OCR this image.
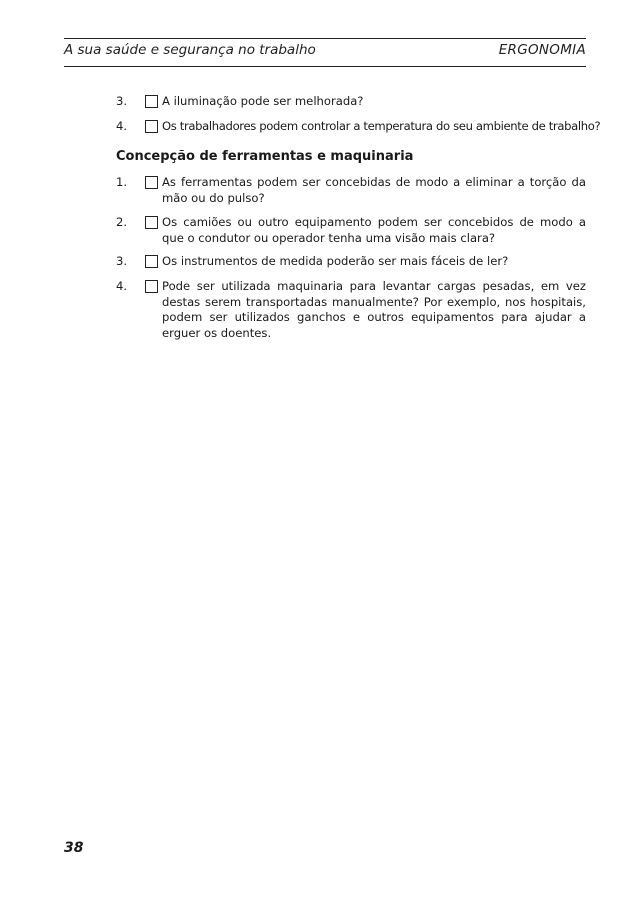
A sua saúde e segurança no trabalho	ERGONOMIA
3.	A iluminação pode ser melhorada?
4.	Os trabalhadores podem controlar a temperatura do seu ambiente de trabalho?
Concepção de ferramentas e maquinaria
1.	As ferramentas podem ser concebidas de modo a eliminar a torção da mão ou do pulso?
2.	Os camiões ou outro equipamento podem ser concebidos de modo a que o condutor ou operador tenha uma visão mais clara?
3.	Os instrumentos de medida poderão ser mais fáceis de ler?
4.	Pode ser utilizada maquinaria para levantar cargas pesadas, em vez destas serem transportadas manualmente? Por exemplo, nos hospitais, podem ser utilizados ganchos e outros equipamentos para ajudar a erguer os doentes.
38
